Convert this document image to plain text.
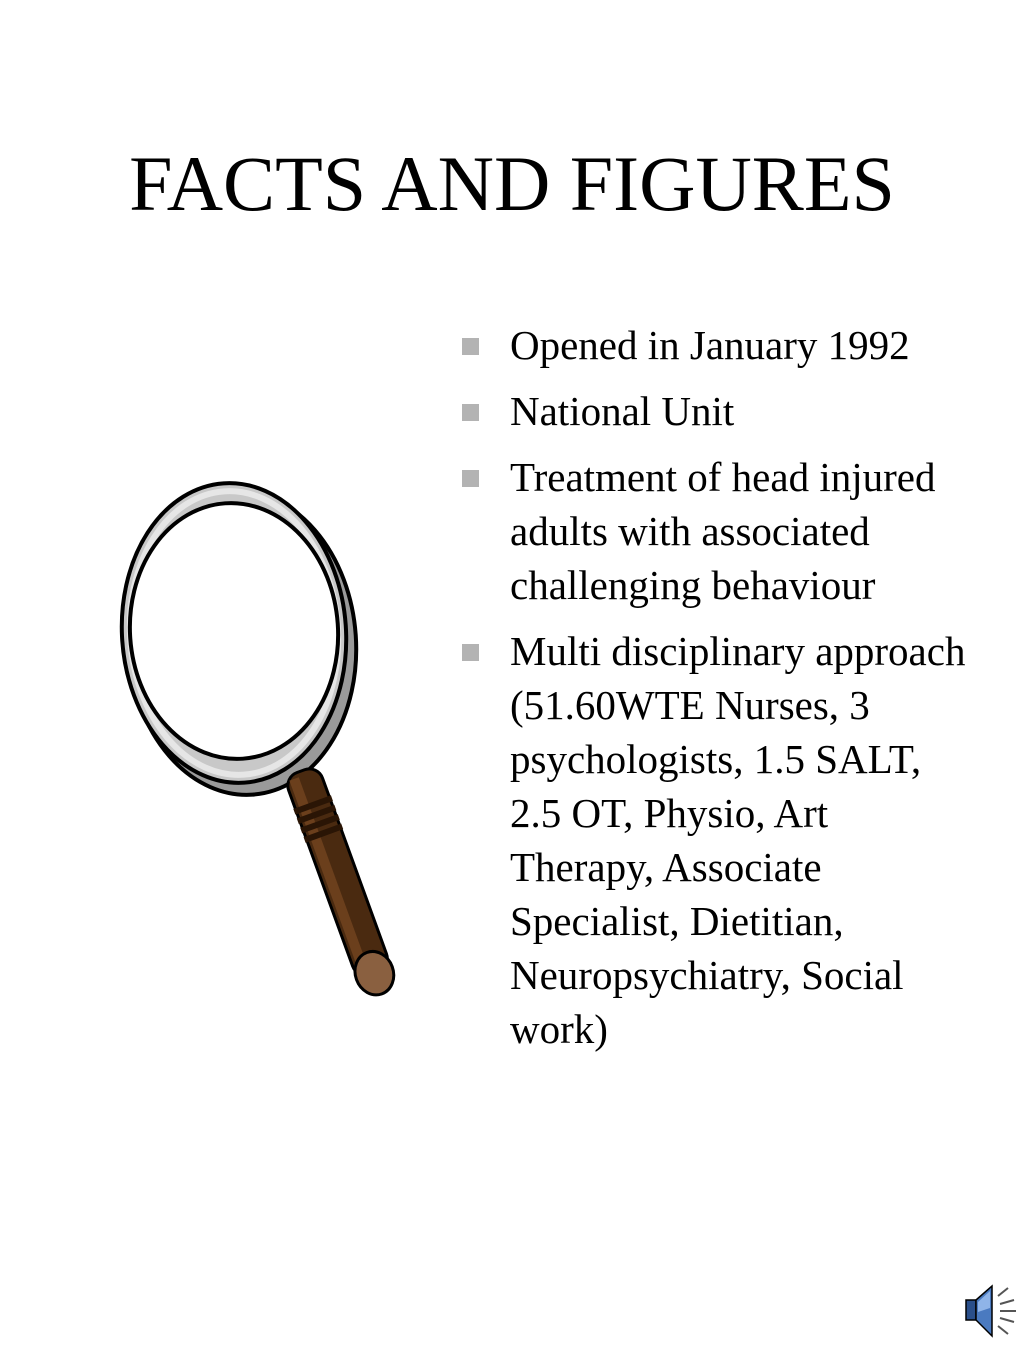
FACTS AND FIGURES
Opened in January 1992
National Unit
Treatment of head injured adults with associated challenging behaviour
Multi disciplinary approach (51.60WTE Nurses, 3 psychologists, 1.5 SALT, 2.5 OT, Physio, Art Therapy, Associate Specialist, Dietitian, Neuropsychiatry, Social work)
